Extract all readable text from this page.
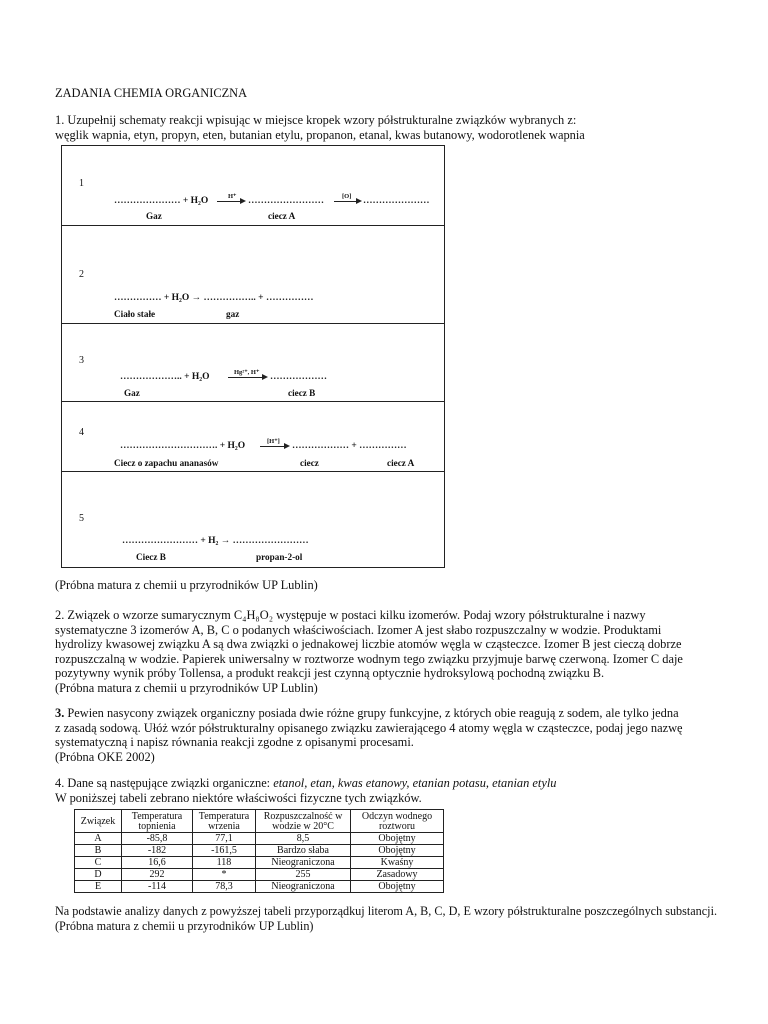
ZADANIA CHEMIA ORGANICZNA
1. Uzupełnij schematy reakcji wpisując w miejsce kropek wzory półstrukturalne związków wybranych z:
węglik wapnia, etyn, propyn, eten, butanian etylu, propanon, etanal, kwas butanowy, wodorotlenek wapnia
1
………………… + H₂O	H⁺ → ……………………	[O] → …………………
Gaz	ciecz A
2
…………… + H₂O → …………….. + ……………
Ciało stałe	gaz
3
……………….. + H₂O	Hg²⁺, H⁺ → ………………
Gaz	ciecz B
4
…………………………. + H₂O	[H⁺] → ……………… + ……………
Ciecz o zapachu ananasów	ciecz	ciecz A
5
…………………… + H₂ → ……………………
Ciecz B	propan-2-ol
(Próbna matura z chemii u przyrodników UP Lublin)
2. Związek o wzorze sumarycznym C₄H₈O₂ występuje w postaci kilku izomerów. Podaj wzory półstrukturalne i nazwy
systematyczne 3 izomerów A, B, C o podanych właściwościach. Izomer A jest słabo rozpuszczalny w wodzie. Produktami
hydrolizy kwasowej związku A są dwa związki o jednakowej liczbie atomów węgla w cząsteczce. Izomer B jest cieczą dobrze
rozpuszczalną w wodzie. Papierek uniwersalny w roztworze wodnym tego związku przyjmuje barwę czerwoną. Izomer C daje
pozytywny wynik próby Tollensa, a produkt reakcji jest czynną optycznie hydroksylową pochodną związku B.
(Próbna matura z chemii u przyrodników UP Lublin)
3. Pewien nasycony związek organiczny posiada dwie różne grupy funkcyjne, z których obie reagują z sodem, ale tylko jedna
z zasadą sodową. Ułóż wzór półstrukturalny opisanego związku zawierającego 4 atomy węgla w cząsteczce, podaj jego nazwę
systematyczną i napisz równania reakcji zgodne z opisanymi procesami.
(Próbna OKE 2002)
4. Dane są następujące związki organiczne: etanol, etan, kwas etanowy, etanian potasu, etanian etylu
W poniższej tabeli zebrano niektóre właściwości fizyczne tych związków.
Związek	Temperatura topnienia	Temperatura wrzenia	Rozpuszczalność w wodzie w 20°C	Odczyn wodnego roztworu
A	-85,8	77,1	8,5	Obojętny
B	-182	-161,5	Bardzo słaba	Obojętny
C	16,6	118	Nieograniczona	Kwaśny
D	292	*	255	Zasadowy
E	-114	78,3	Nieograniczona	Obojętny
Na podstawie analizy danych z powyższej tabeli przyporządkuj literom A, B, C, D, E wzory półstrukturalne poszczególnych substancji.
(Próbna matura z chemii u przyrodników UP Lublin)
